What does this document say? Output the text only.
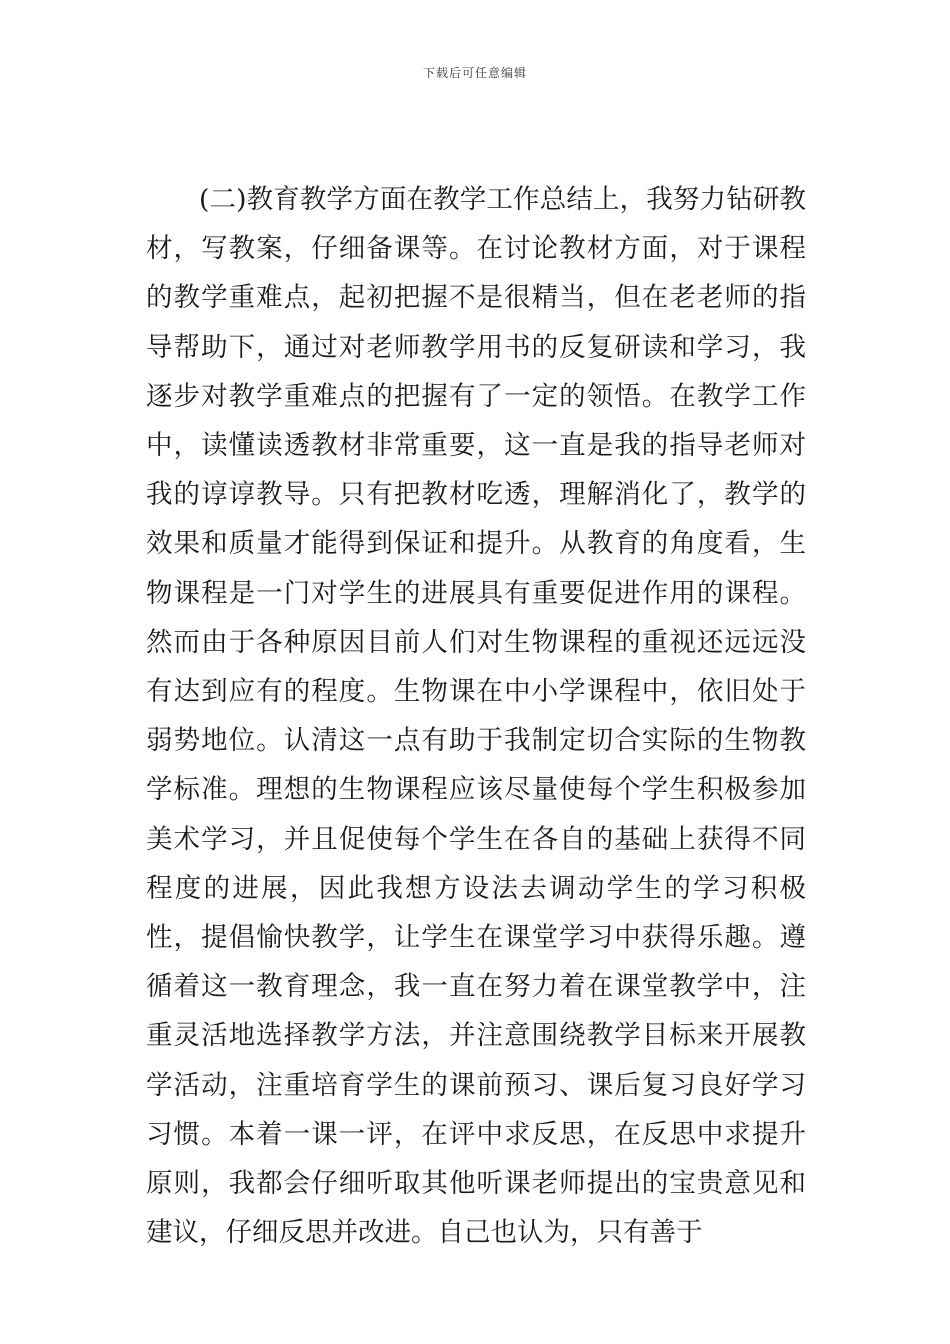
下载后可任意编辑

(二)教育教学方面在教学工作总结上，我努力钻研教材，写教案，仔细备课等。在讨论教材方面，对于课程的教学重难点，起初把握不是很精当，但在老老师的指导帮助下，通过对老师教学用书的反复研读和学习，我逐步对教学重难点的把握有了一定的领悟。在教学工作中，读懂读透教材非常重要，这一直是我的指导老师对我的谆谆教导。只有把教材吃透，理解消化了，教学的效果和质量才能得到保证和提升。从教育的角度看，生物课程是一门对学生的进展具有重要促进作用的课程。然而由于各种原因目前人们对生物课程的重视还远远没有达到应有的程度。生物课在中小学课程中，依旧处于弱势地位。认清这一点有助于我制定切合实际的生物教学标准。理想的生物课程应该尽量使每个学生积极参加美术学习，并且促使每个学生在各自的基础上获得不同程度的进展，因此我想方设法去调动学生的学习积极性，提倡愉快教学，让学生在课堂学习中获得乐趣。遵循着这一教育理念，我一直在努力着在课堂教学中，注重灵活地选择教学方法，并注意围绕教学目标来开展教学活动，注重培育学生的课前预习、课后复习良好学习习惯。本着一课一评，在评中求反思，在反思中求提升原则，我都会仔细听取其他听课老师提出的宝贵意见和建议，仔细反思并改进。自己也认为，只有善于
